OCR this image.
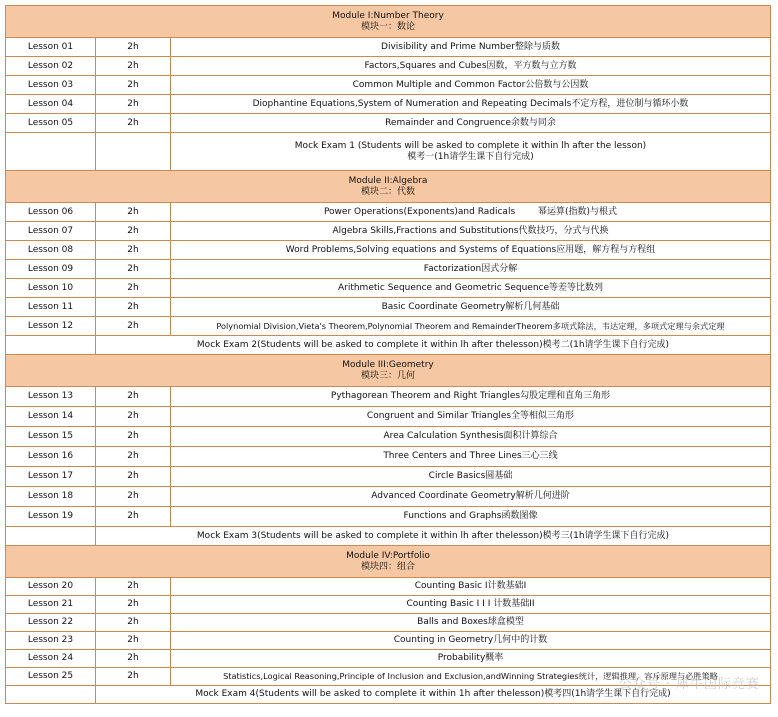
Module I:Number Theory
模块一：数论		

Lesson 01	2h	Divisibility and Prime Number整除与质数
Lesson 02	2h	Factors,Squares and Cubes因数，平方数与立方数
Lesson 03	2h	Common Multiple and Common Factor公倍数与公因数
Lesson 04	2h	Diophantine Equations,System of Numeration and Repeating Decimals不定方程，进位制与循环小数
Lesson 05	2h	Remainder and Congruence余数与同余

		Mock Exam 1 (Students will be asked to complete it within lh after the lesson)
模考一(1h请学生课下自行完成)

Module II:Algebra
模块二：代数		

Lesson 06	2h	Power Operations(Exponents)and Radicals        幂运算(指数)与根式
Lesson 07	2h	Algebra Skills,Fractions and Substitutions代数技巧，分式与代换
Lesson 08	2h	Word Problems,Solving equations and Systems of Equations应用题，解方程与方程组
Lesson 09	2h	Factorization因式分解
Lesson 10	2h	Arithmetic Sequence and Geometric Sequence等差等比数列
Lesson 11	2h	Basic Coordinate Geometry解析几何基础
Lesson 12	2h	Polynomial Division,Vieta's Theorem,Polynomial Theorem and RemainderTheorem多项式除法，韦达定理，多项式定理与余式定理
	Mock Exam 2(Students will be asked to complete it within lh after thelesson)模考二(1h请学生课下自行完成)	

Module III:Geometry
模块三：几何		

Lesson 13	2h	Pythagorean Theorem and Right Triangles勾股定理和直角三角形
Lesson 14	2h	Congruent and Similar Triangles全等相似三角形
Lesson 15	2h	Area Calculation Synthesis面积计算综合
Lesson 16	2h	Three Centers and Three Lines三心三线
Lesson 17	2h	Circle Basics圆基础
Lesson 18	2h	Advanced Coordinate Geometry解析几何进阶
Lesson 19	2h	Functions and Graphs函数图像
	Mock Exam 3(Students will be asked to complete it within lh after thelesson)模考三(1h请学生课下自行完成)	

Module IV:Portfolio
模块四：组合		

Lesson 20	2h	Counting Basic I计数基础I
Lesson 21	2h	Counting Basic I I I 计数基础II
Lesson 22	2h	Balls and Boxes球盒模型
Lesson 23	2h	Counting in Geometry几何中的计数
Lesson 24	2h	Probability概率
Lesson 25	2h	Statistics,Logical Reasoning,Principle of Inclusion and Exclusion,andWinning Strategies统计，逻辑推理，容斥原理与必胜策略
	Mock Exam 4(Students will be asked to complete it within 1h after thelesson)模考四(1h请学生课下自行完成)	
公众号 · 犀牛国际竞赛
